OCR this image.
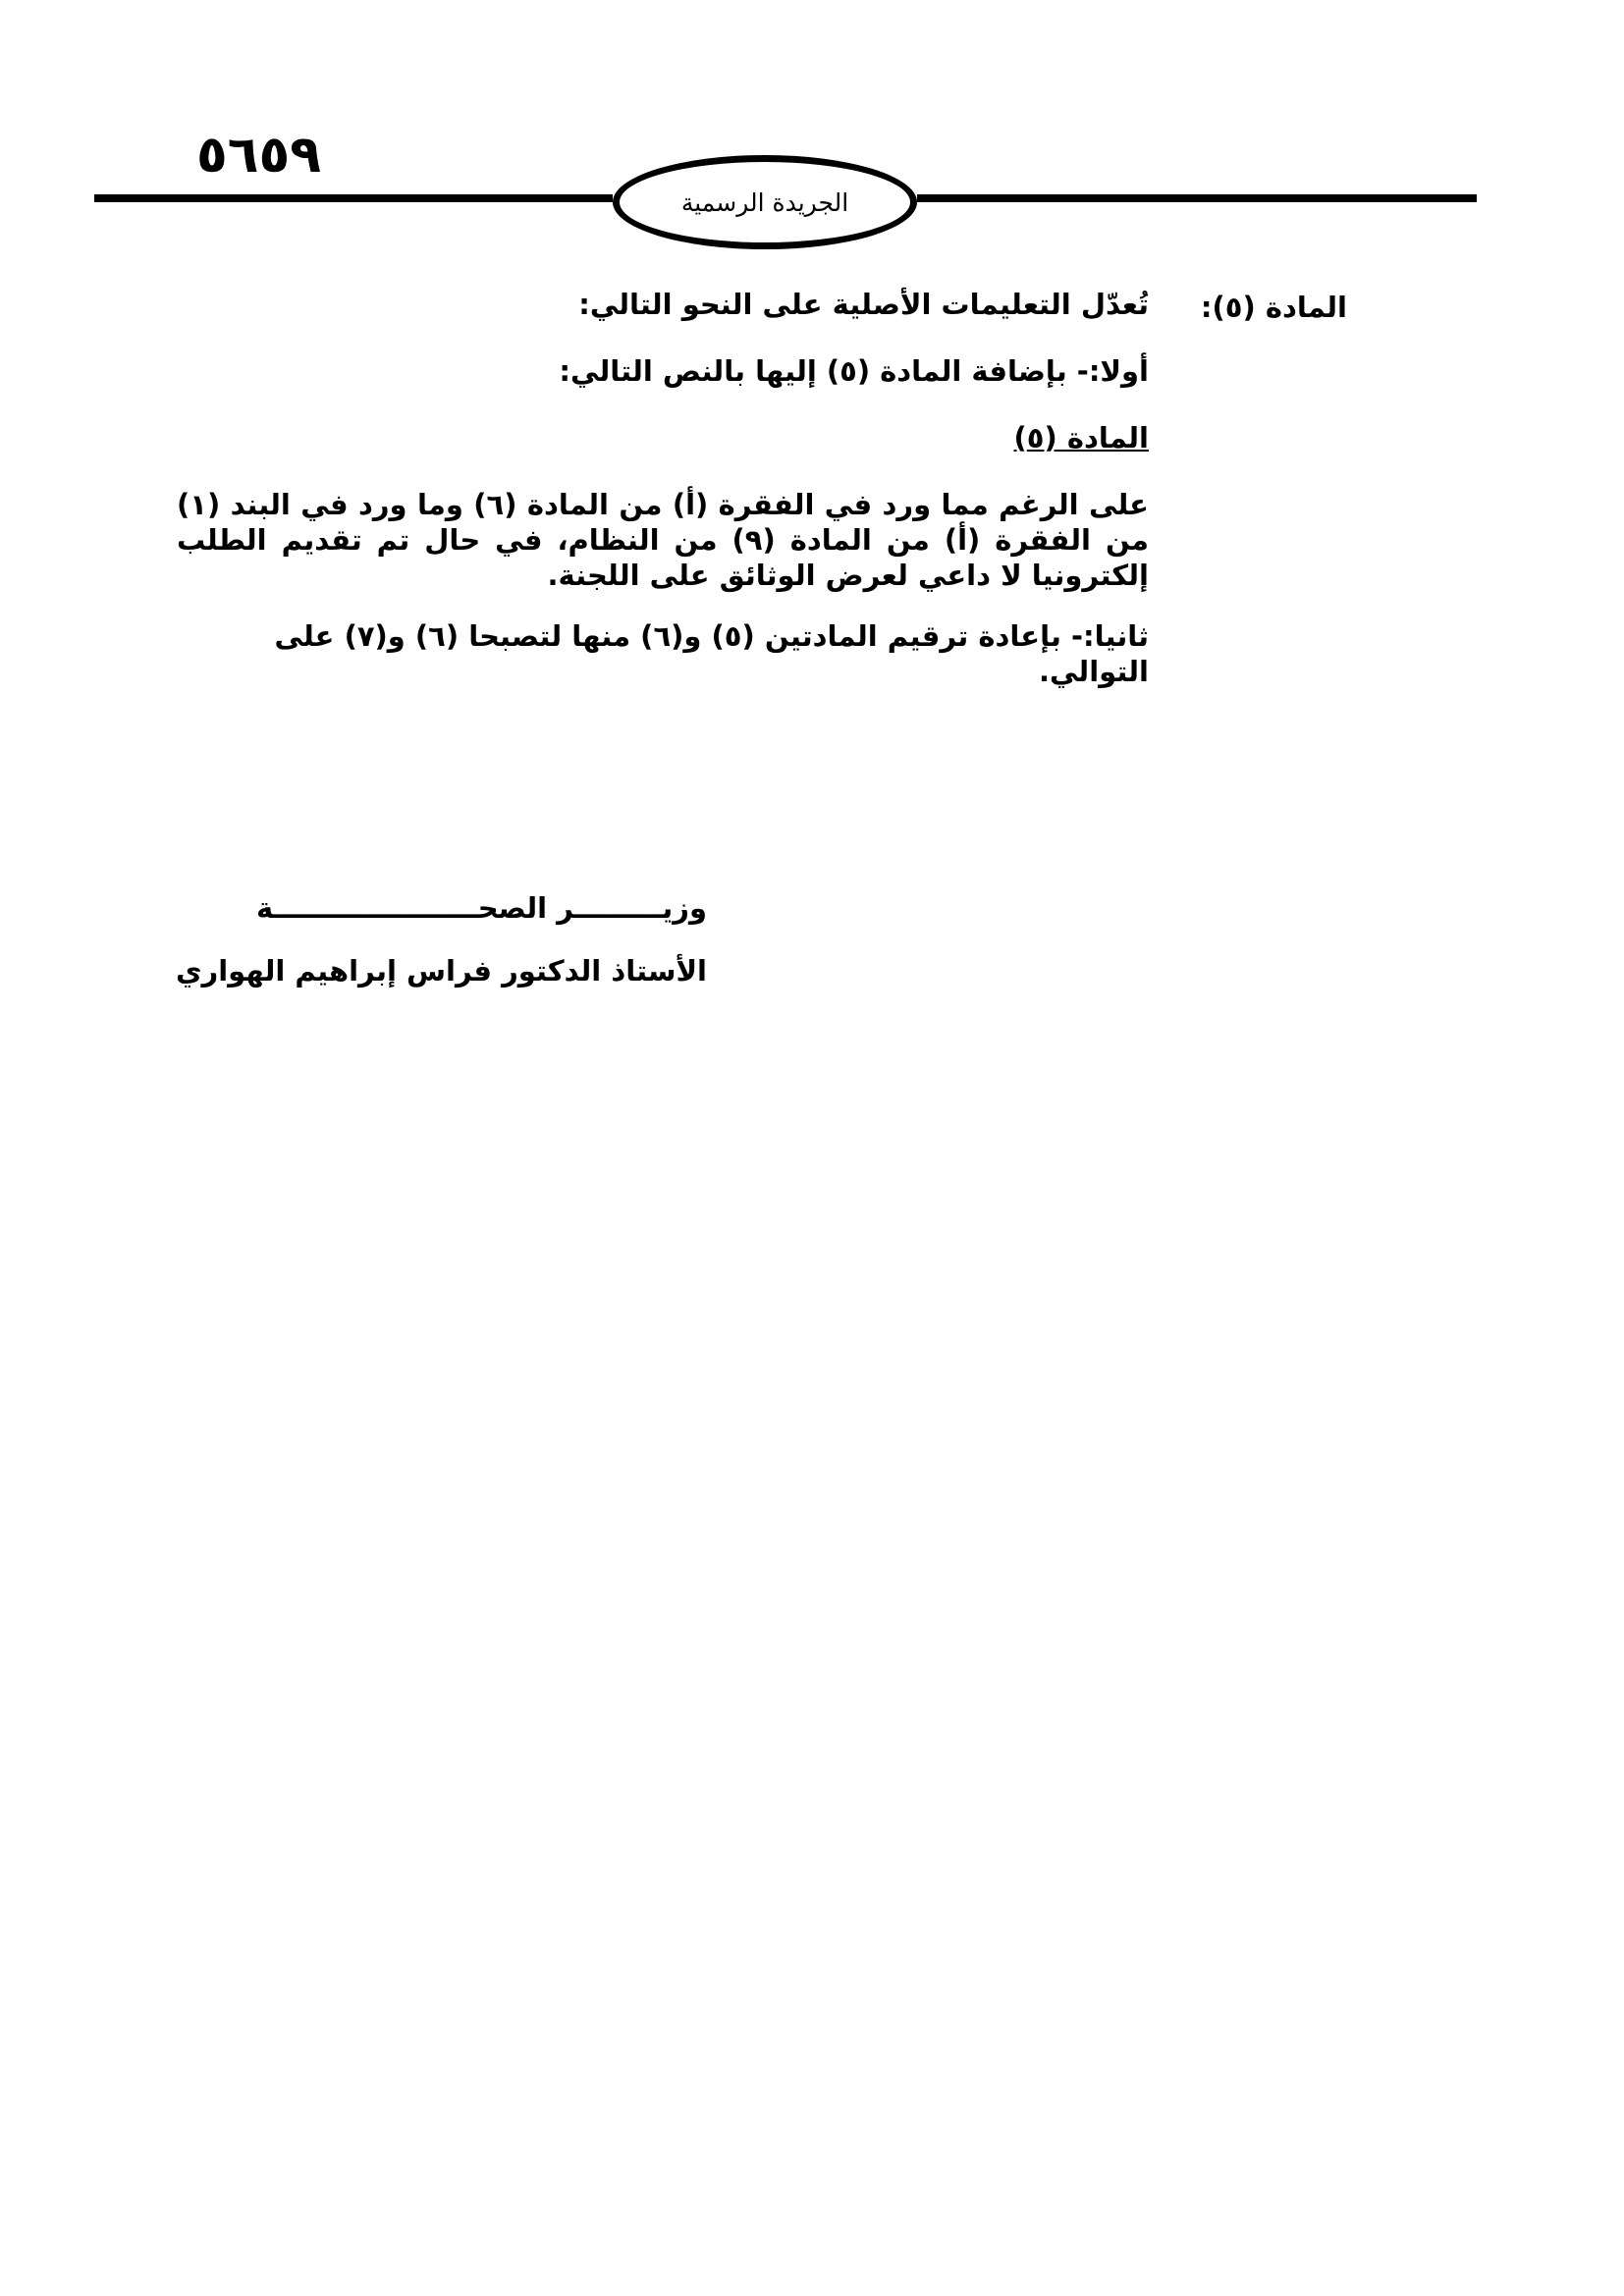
٥٦٥٩
الجريدة الرسمية
المادة (٥):

تُعدّل التعليمات الأصلية على النحو التالي:

أولا:- بإضافة المادة (٥) إليها بالنص التالي:

المادة (٥)

على الرغم مما ورد في الفقرة (أ) من المادة (٦) وما ورد في البند (١) من الفقرة (أ) من المادة (٩) من النظام، في حال تم تقديم الطلب إلكترونيا لا داعي لعرض الوثائق على اللجنة.

ثانيا:- بإعادة ترقيم المادتين (٥) و(٦) منها لتصبحا (٦) و(٧) على التوالي.

وزيـــــــــر الصحـــــــــــــــــــــة
الأستاذ الدكتور فراس إبراهيم الهواري
